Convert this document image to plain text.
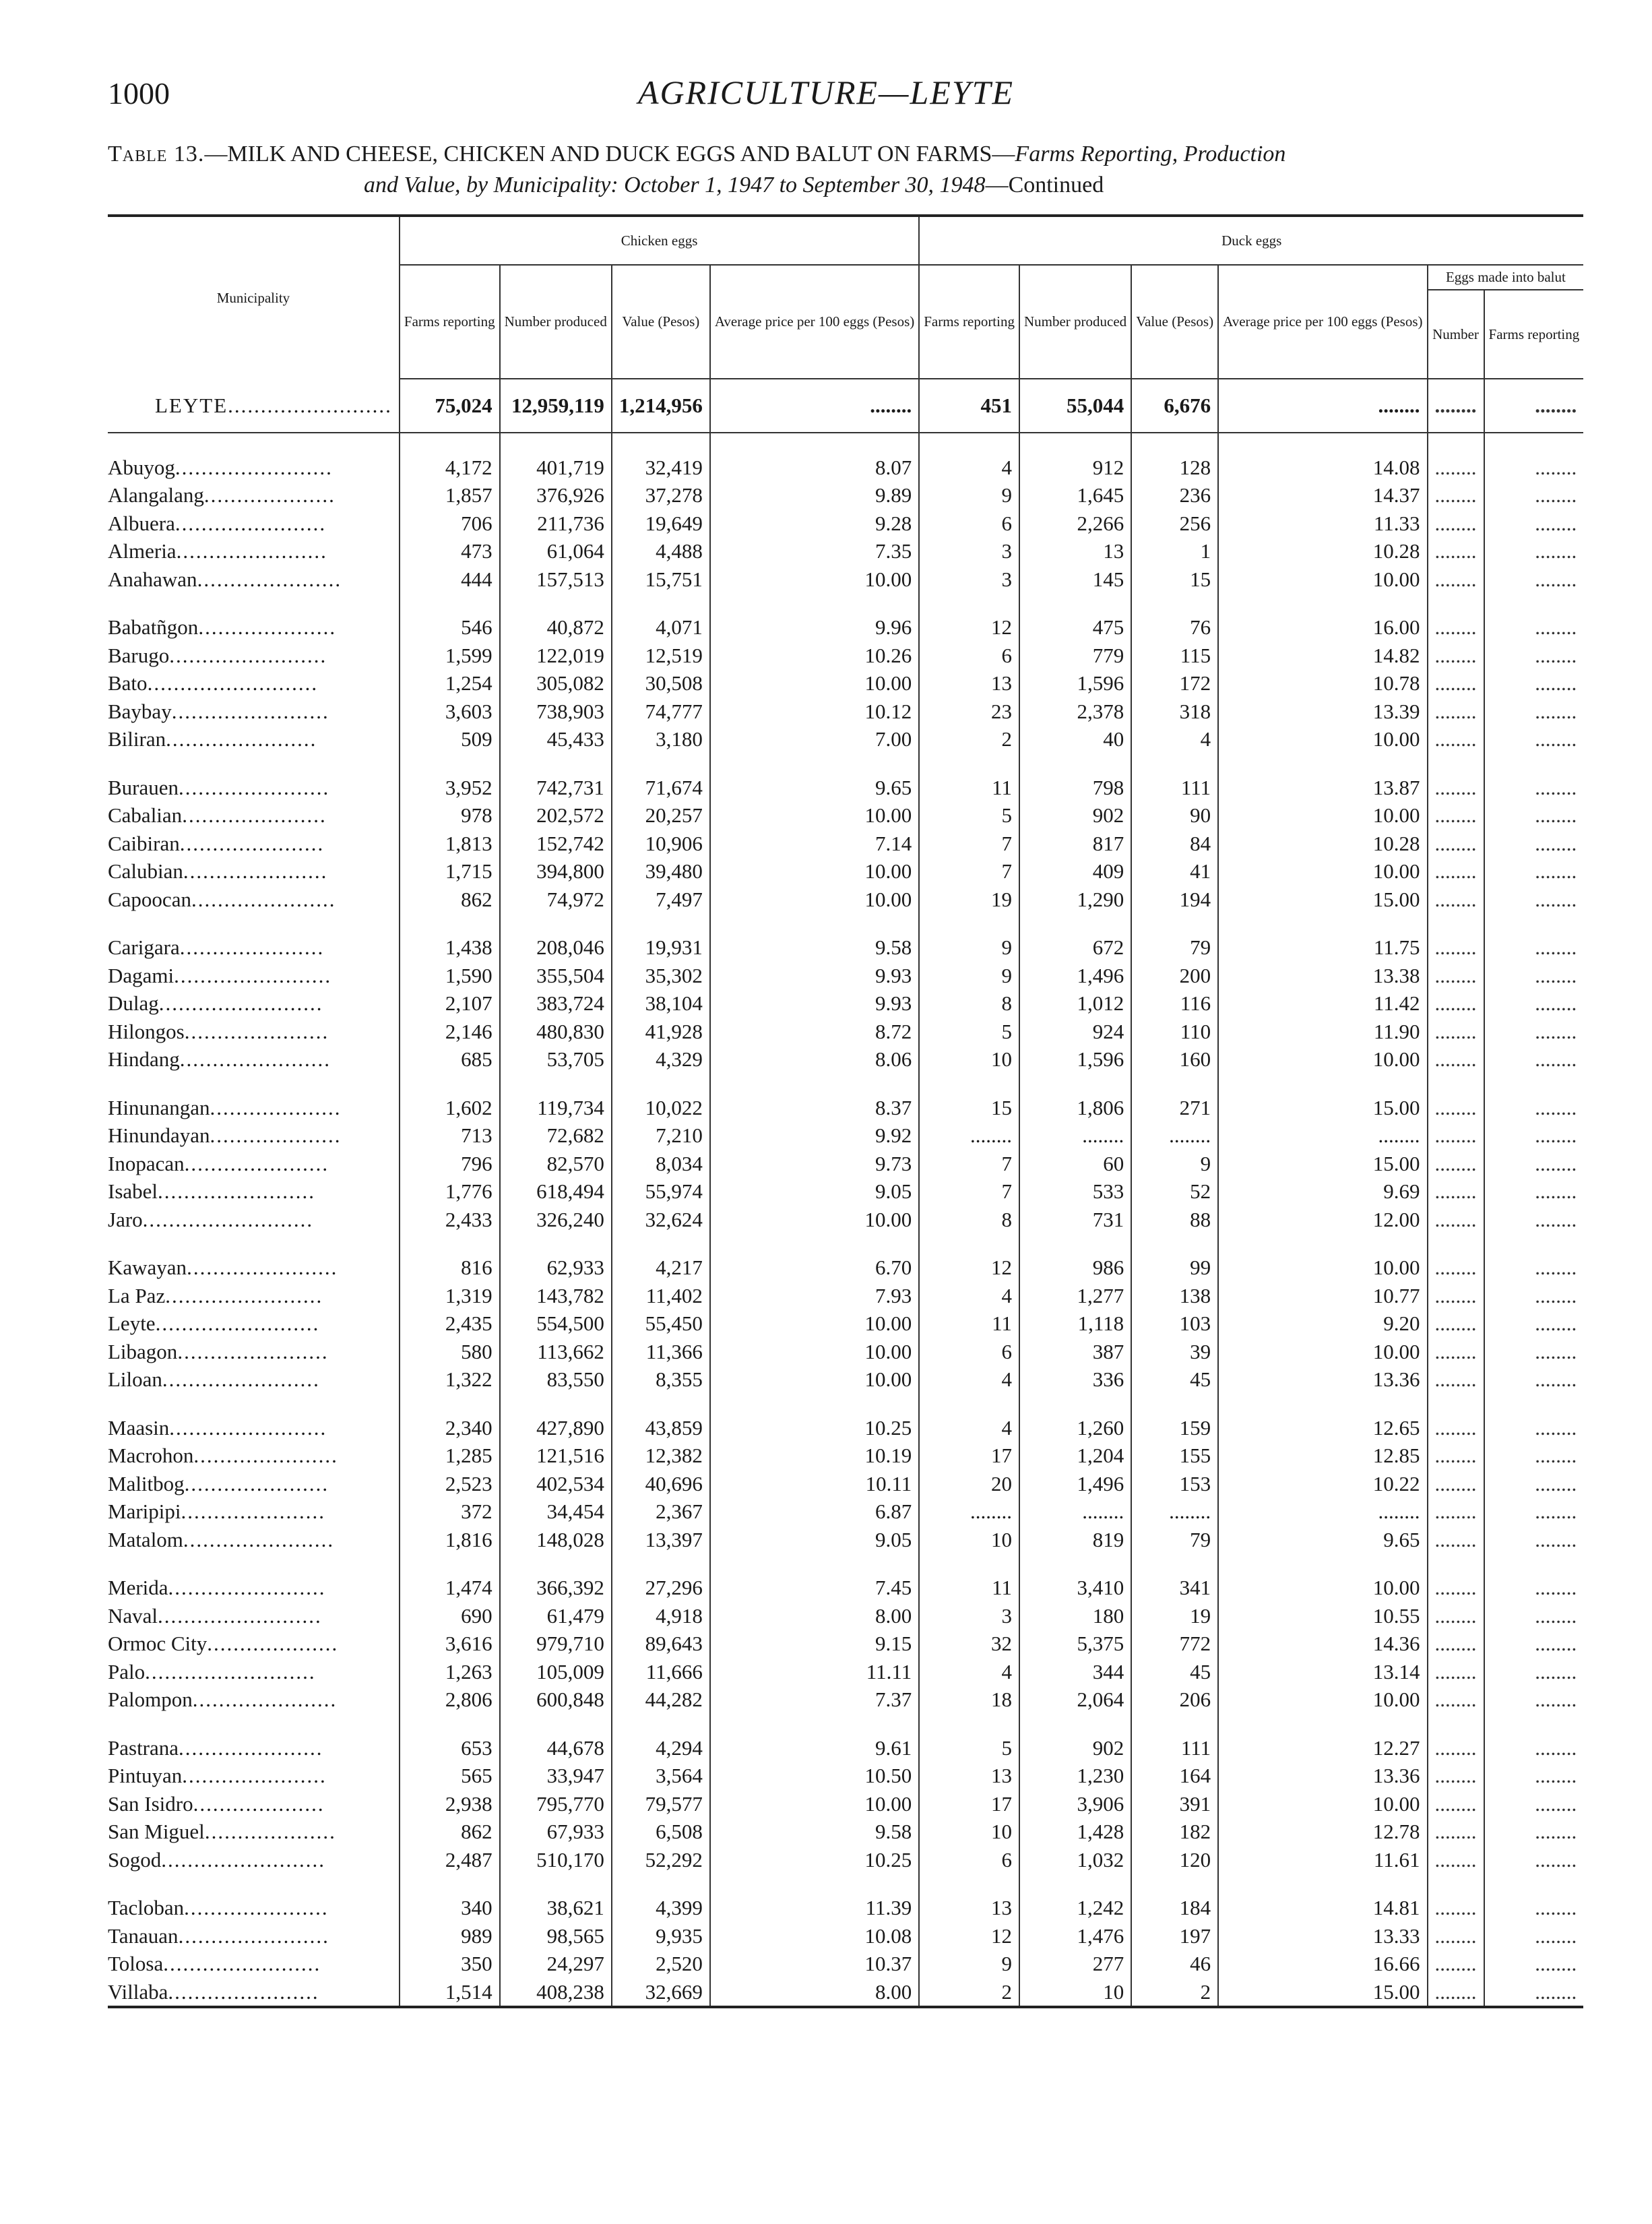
1000	AGRICULTURE—LEYTE
Table 13.—MILK AND CHEESE, CHICKEN AND DUCK EGGS AND BALUT ON FARMS—Farms Reporting, Production
and Value, by Municipality: October 1, 1947 to September 30, 1948—Continued
Municipality	Chicken eggs				Duck eggs					
	Farms reporting	Number produced	Value (Pesos)	Average price per 100 eggs (Pesos)	Farms reporting	Number produced	Value (Pesos)	Average price per 100 eggs (Pesos)	Eggs made into balut	
									Number	Farms reporting
LEYTE.........................	75,024	12,959,119	1,214,956	........	451	55,044	6,676	........	........	........
Abuyog........................	4,172	401,719	32,419	8.07	4	912	128	14.08	........	........
Alangalang....................	1,857	376,926	37,278	9.89	9	1,645	236	14.37	........	........
Albuera.......................	706	211,736	19,649	9.28	6	2,266	256	11.33	........	........
Almeria.......................	473	61,064	4,488	7.35	3	13	1	10.28	........	........
Anahawan......................	444	157,513	15,751	10.00	3	145	15	10.00	........	........
Babatñgon.....................	546	40,872	4,071	9.96	12	475	76	16.00	........	........
Barugo........................	1,599	122,019	12,519	10.26	6	779	115	14.82	........	........
Bato..........................	1,254	305,082	30,508	10.00	13	1,596	172	10.78	........	........
Baybay........................	3,603	738,903	74,777	10.12	23	2,378	318	13.39	........	........
Biliran.......................	509	45,433	3,180	7.00	2	40	4	10.00	........	........
Burauen.......................	3,952	742,731	71,674	9.65	11	798	111	13.87	........	........
Cabalian......................	978	202,572	20,257	10.00	5	902	90	10.00	........	........
Caibiran......................	1,813	152,742	10,906	7.14	7	817	84	10.28	........	........
Calubian......................	1,715	394,800	39,480	10.00	7	409	41	10.00	........	........
Capoocan......................	862	74,972	7,497	10.00	19	1,290	194	15.00	........	........
Carigara......................	1,438	208,046	19,931	9.58	9	672	79	11.75	........	........
Dagami........................	1,590	355,504	35,302	9.93	9	1,496	200	13.38	........	........
Dulag.........................	2,107	383,724	38,104	9.93	8	1,012	116	11.42	........	........
Hilongos......................	2,146	480,830	41,928	8.72	5	924	110	11.90	........	........
Hindang.......................	685	53,705	4,329	8.06	10	1,596	160	10.00	........	........
Hinunangan....................	1,602	119,734	10,022	8.37	15	1,806	271	15.00	........	........
Hinundayan....................	713	72,682	7,210	9.92	........	........	........	........	........	........
Inopacan......................	796	82,570	8,034	9.73	7	60	9	15.00	........	........
Isabel........................	1,776	618,494	55,974	9.05	7	533	52	9.69	........	........
Jaro..........................	2,433	326,240	32,624	10.00	8	731	88	12.00	........	........
Kawayan.......................	816	62,933	4,217	6.70	12	986	99	10.00	........	........
La Paz........................	1,319	143,782	11,402	7.93	4	1,277	138	10.77	........	........
Leyte.........................	2,435	554,500	55,450	10.00	11	1,118	103	9.20	........	........
Libagon.......................	580	113,662	11,366	10.00	6	387	39	10.00	........	........
Liloan........................	1,322	83,550	8,355	10.00	4	336	45	13.36	........	........
Maasin........................	2,340	427,890	43,859	10.25	4	1,260	159	12.65	........	........
Macrohon......................	1,285	121,516	12,382	10.19	17	1,204	155	12.85	........	........
Malitbog......................	2,523	402,534	40,696	10.11	20	1,496	153	10.22	........	........
Maripipi......................	372	34,454	2,367	6.87	........	........	........	........	........	........
Matalom.......................	1,816	148,028	13,397	9.05	10	819	79	9.65	........	........
Merida........................	1,474	366,392	27,296	7.45	11	3,410	341	10.00	........	........
Naval.........................	690	61,479	4,918	8.00	3	180	19	10.55	........	........
Ormoc City....................	3,616	979,710	89,643	9.15	32	5,375	772	14.36	........	........
Palo..........................	1,263	105,009	11,666	11.11	4	344	45	13.14	........	........
Palompon......................	2,806	600,848	44,282	7.37	18	2,064	206	10.00	........	........
Pastrana......................	653	44,678	4,294	9.61	5	902	111	12.27	........	........
Pintuyan......................	565	33,947	3,564	10.50	13	1,230	164	13.36	........	........
San Isidro....................	2,938	795,770	79,577	10.00	17	3,906	391	10.00	........	........
San Miguel....................	862	67,933	6,508	9.58	10	1,428	182	12.78	........	........
Sogod.........................	2,487	510,170	52,292	10.25	6	1,032	120	11.61	........	........
Tacloban......................	340	38,621	4,399	11.39	13	1,242	184	14.81	........	........
Tanauan.......................	989	98,565	9,935	10.08	12	1,476	197	13.33	........	........
Tolosa........................	350	24,297	2,520	10.37	9	277	46	16.66	........	........
Villaba.......................	1,514	408,238	32,669	8.00	2	10	2	15.00	........	........
